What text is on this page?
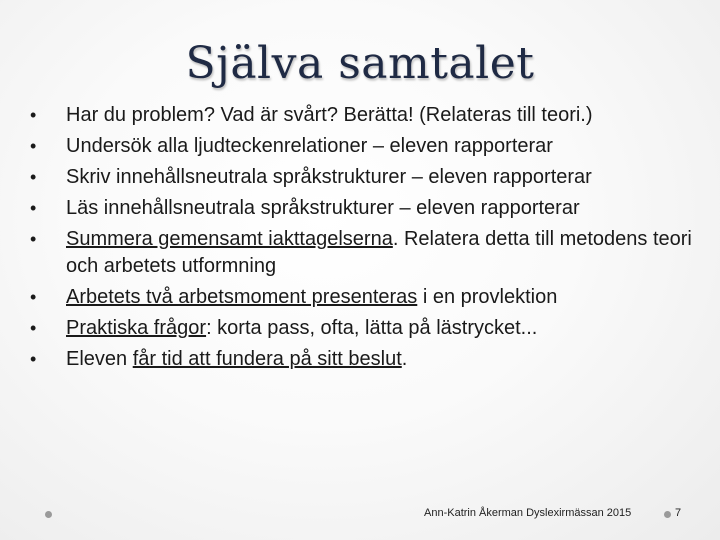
Själva samtalet
• Har du problem? Vad är svårt? Berätta! (Relateras till teori.)
• Undersök alla ljudteckenrelationer – eleven rapporterar
• Skriv innehållsneutrala språkstrukturer – eleven rapporterar
• Läs innehållsneutrala språkstrukturer – eleven rapporterar
• Summera gemensamt iakttagelserna. Relatera detta till metodens teori och arbetets utformning
• Arbetets två arbetsmoment presenteras i en provlektion
• Praktiska frågor: korta pass, ofta, lätta på lästrycket...
• Eleven får tid att fundera på sitt beslut.
Ann-Katrin Åkerman Dyslexirmässan 2015	7
